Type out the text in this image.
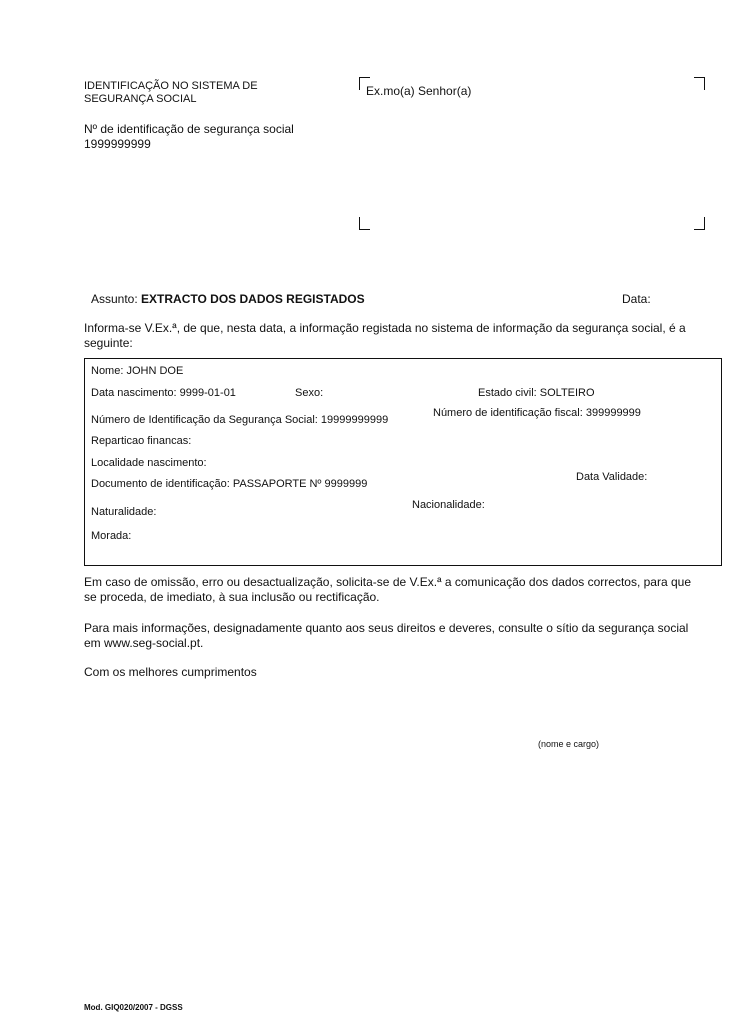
IDENTIFICAÇÃO NO SISTEMA DE
SEGURANÇA SOCIAL
Nº de identificação de segurança social
1999999999
Ex.mo(a) Senhor(a)
Assunto: EXTRACTO DOS DADOS REGISTADOS	Data:
Informa-se V.Ex.ª, de que, nesta data, a informação registada no sistema de informação da segurança social, é a
seguinte:
Nome: JOHN DOE
Data nascimento: 9999-01-01	Sexo:	Estado civil: SOLTEIRO
Número de Identificação da Segurança Social: 19999999999
Número de identificação fiscal: 399999999
Reparticao financas:
Localidade nascimento:
Documento de identificação: PASSAPORTE Nº 9999999
Data Validade:
Naturalidade:
Nacionalidade:
Morada:
Em caso de omissão, erro ou desactualização, solicita-se de V.Ex.ª a comunicação dos dados correctos, para que
se proceda, de imediato, à sua inclusão ou rectificação.
Para mais informações, designadamente quanto aos seus direitos e deveres, consulte o sítio da segurança social
em www.seg-social.pt.
Com os melhores cumprimentos
(nome e cargo)
Mod. GIQ020/2007 - DGSS
